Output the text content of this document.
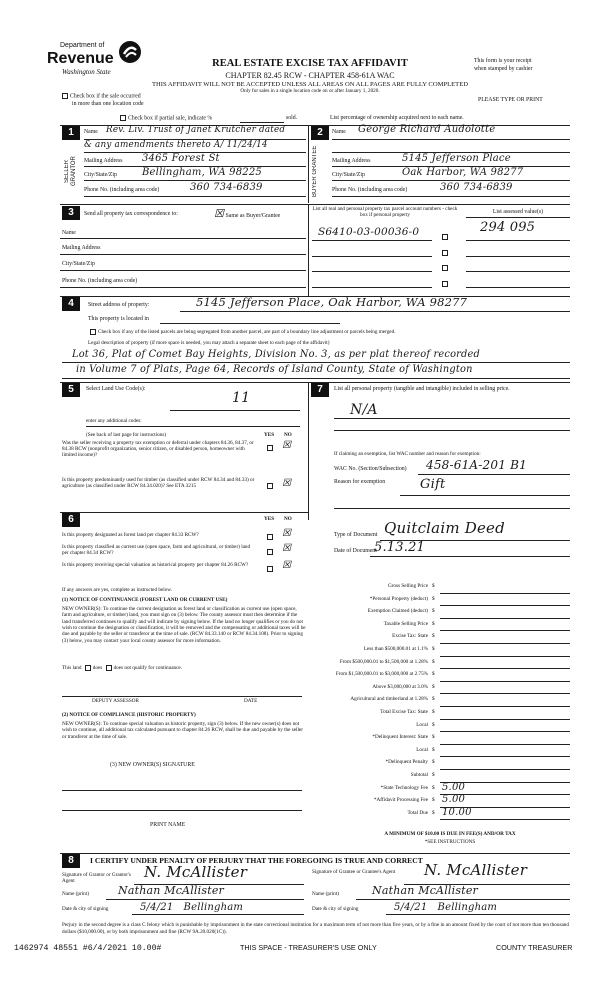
Department of
Revenue
Washington State
REAL ESTATE EXCISE TAX AFFIDAVIT
CHAPTER 82.45 RCW - CHAPTER 458-61A WAC
THIS AFFIDAVIT WILL NOT BE ACCEPTED UNLESS ALL AREAS ON ALL PAGES ARE FULLY COMPLETED
Only for sales in a single location code on or after January 1, 2020.
This form is your receipt
when stamped by cashier
PLEASE TYPE OR PRINT
Check box if the sale occurred
in more than one location code
Check box if partial sale, indicate %	sold.	List percentage of ownership acquired next to each name.
1	2
SELLER GRANTOR
Name Rev. Liv. Trust of Janet Krutcher dated
& any amendments thereto A/ 11/24/14
Mailing Address 3465 Forest St
City/State/Zip	Bellingham, WA 98225
Phone No. (including area code)	360 734-6839	BUYER GRANTEE
Name George Richard Audolotte
Mailing Address	5145 Jefferson Place
City/State/Zip	Oak Harbor, WA 98277
Phone No. (including area code)	360 734-6839
3	Send all property tax correspondence to:	☒ Same as Buyer/Grantee
List all real and personal property tax parcel account numbers - check box if personal property	List assessed value(s)
Name
Mailing Address
City/State/Zip
Phone No. (including area code)
S6410-03-00036-0	294 095
4	Street address of property:	5145 Jefferson Place, Oak Harbor, WA 98277
This property is located in
Check box if any of the listed parcels are being segregated from another parcel, are part of a boundary line adjustment or parcels being merged.
Legal description of property (if more space is needed, you may attach a separate sheet to each page of the affidavit)
Lot 36, Plat of Comet Bay Heights, Division No. 3, as per plat thereof recorded
in Volume 7 of Plats, Page 64, Records of Island County, State of Washington
5	Select Land Use Code(s):
11
enter any additional codes:
(See back of last page for instructions)	YES NO
Was the seller receiving a property tax exemption or deferral under chapters 84.36, 84.37, or 84.38 RCW (nonprofit organization, senior citizen, or disabled person, homeowner with limited income)?
☒
Is this property predominantly used for timber (as classified under RCW 84.34 and 84.33) or agriculture (as classified under RCW 84.34.020)? See ETA 3215	☒
7	List all personal property (tangible and intangible) included in selling price.
N/A
If claiming an exemption, list WAC number and reason for exemption:
WAC No. (Section/Subsection) 458-61A-201 B1
Reason for exemption	Gift
6	YES NO
Is this property designated as forest land per chapter 84.33 RCW?	☒
Is this property classified as current use (open space, farm and agricultural, or timber) land per chapter 84.34 RCW?	☒
Is this property receiving special valuation as historical property per chapter 84.26 RCW?	☒
If any answers are yes, complete as instructed below.
(1) NOTICE OF CONTINUANCE (FOREST LAND OR CURRENT USE)
NEW OWNER(S): To continue the current designation as forest land or classification as current use (open space, farm and agriculture, or timber) land, you must sign on (3) below. The county assessor must then determine if the land transferred continues to qualify and will indicate by signing below. If the land no longer qualifies or you do not wish to continue the designation or classification, it will be removed and the compensating or additional taxes will be due and payable by the seller or transferor at the time of sale. (RCW 84.33.140 or RCW 84.34.108). Prior to signing (3) below, you may contact your local county assessor for more information.
This land does does not qualify for continuance.
DEPUTY ASSESSOR	DATE
(2) NOTICE OF COMPLIANCE (HISTORIC PROPERTY)
NEW OWNER(S): To continue special valuation as historic property, sign (3) below. If the new owner(s) does not wish to continue, all additional tax calculated pursuant to chapter 84.26 RCW, shall be due and payable by the seller or transferor at the time of sale.
(3) NEW OWNER(S) SIGNATURE
PRINT NAME
Type of Document Quitclaim Deed
Date of Document
5.13.21
Gross Selling Price $
*Personal Property (deduct) $
Exemption Claimed (deduct) $
Taxable Selling Price $
Excise Tax: State $
Less than $500,000.01 at 1.1% $
From $500,000.01 to $1,500,000 at 1.28% $
From $1,500,000.01 to $3,000,000 at 2.75% $
Above $3,000,000 at 3.0% $
Agricultural and timberland at 1.28% $
Total Excise Tax: State $
Local $
*Delinquent Interest: State $
Local $
*Delinquent Penalty $
Subtotal $
*State Technology Fee $ 5.00
*Affidavit Processing Fee $ 5.00
Total Due $ 10.00
A MINIMUM OF $10.00 IS DUE IN FEE(S) AND/OR TAX
*SEE INSTRUCTIONS
8	I CERTIFY UNDER PENALTY OF PERJURY THAT THE FOREGOING IS TRUE AND CORRECT
Signature of Grantor or Grantor's Agent	N. McAllister
Name (print)	Nathan McAllister
Date & city of signing	5/4/21   Bellingham
Signature of Grantee or Grantee's Agent	N. McAllister
Name (print)	Nathan McAllister
Date & city of signing	5/4/21   Bellingham
Perjury in the second degree is a class C felony which is punishable by imprisonment in the state correctional institution for a maximum term of not more than five years, or by a fine in an amount fixed by the court of not more than ten thousand dollars ($10,000.00), or by both imprisonment and fine (RCW 9A.20.020(1C)).
1462974 48551 #6/4/2021 10.00#	THIS SPACE - TREASURER'S USE ONLY	COUNTY TREASURER
